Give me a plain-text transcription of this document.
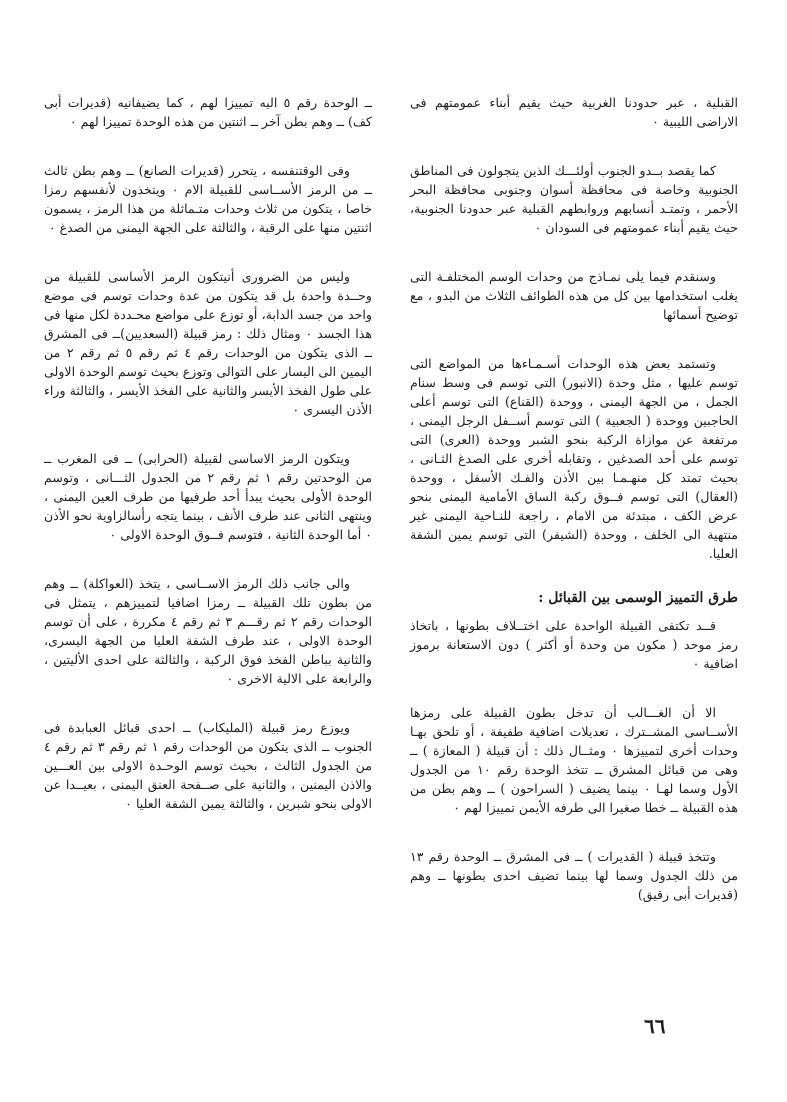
القبلية ، عبر حدودنا الغربية حيث يقيم أبناء عمومتهم فى الاراضى الليبية ٠

كما يقصد بــدو الجنوب أولئـــك الذين يتجولون فى المناطق الجنوبية وخاصة فى محافظة أسوان وجنوبى محافظة البحر الأحمر ، وتمتـد أنسابهم وروابطهم القبلية عبر حدودنا الجنوبية، حيث يقيم أبناء عمومتهم فى السودان ٠

وسنقدم فيما يلى نمـاذج من وحدات الوسم المختلفـة التى يغلب استخدامها بين كل من هذه الطوائف الثلاث من البدو ، مع توضيح أسمائها

وتستمد بعض هذه الوحدات أسـمـاءها من المواضع التى توسم عليها ، مثل وحدة (الانبور) التى توسم فى وسط سنام الجمل ، من الجهة اليمنى ، ووحدة (القناع) التى توسم أعلى الحاجبين ووحدة ( الجعبية ) التى توسم أســفل الرجل اليمنى ، مرتفعة عن موازاة الركبة بنحو الشبر ووحدة (العرى) التى توسم على أحد الصدغين ، وتقابله أخرى على الصدغ الثـانى ، بحيث تمتد كل منهـمـا بين الأذن والفـك الأسفل ، ووحدة (العقال) التى توسم فــوق ركبة الساق الأمامية اليمنى بنحو عرض الكف ، مبتدئة من الامام ، راجعة للنـاحية اليمنى غير منتهية الى الخلف ، ووحدة (الشيفر) التى توسم يمين الشفة العليا.

طرق التمييز الوسمى بين القبائل :

قــد تكتفى القبيلة الواحدة على اختــلاف بطونها ، باتخاذ رمز موحد ( مكون من وحدة أو أكثر ) دون الاستعانة برموز اضافية ٠

الا أن الغـــالب أن تدخل بطون القبيلة على رمزها الأســاسى المشــترك ، تعديلات اضافية طفيفة ، أو تلحق بهـا وحدات أخرى لتمييزها ٠ ومثــال ذلك : أن قبيلة ( المعازة ) ــ وهى من قبائل المشرق ــ تتخذ الوحدة رقم ١٠ من الجدول الأول وسما لهـا ٠ بينما يضيف ( السراحون ) ــ وهم بطن من هذه القبيلة ــ خطا صغيرا الى طرفه الأيمن تمييزا لهم ٠

وتتخذ قبيلة ( القديرات ) ــ فى المشرق ــ الوحدة رقم ١٣ من ذلك الجدول وسما لها بينما تضيف احدى بطونها ــ وهم (قديرات أبى رقيق)

ــ الوحدة رقم ٥ اليه تمييزا لهم ، كما يضيفانيه (قديرات أبى كف) ــ وهم بطن آخر ــ اثنتين من هذه الوحدة تمييزا لهم ٠

وفى الوقتنفسه ، يتحرر (قديرات الصانع) ــ وهم بطن ثالث ــ من الرمز الأســاسى للقبيلة الام ٠ ويتخذون لأنفسهم رمزا خاصا ، يتكون من ثلاث وحدات متـماثلة من هذا الرمز ، يسمون اثنتين منها على الرقبة ، والثالثة على الجهة اليمنى من الصدغ ٠

وليس من الضرورى أنيتكون الرمز الأساسى للقبيلة من وحــدة واحدة بل قد يتكون من عدة وحدات توسم فى موضع واحد من جسد الدابة، أو توزع على مواضع محـددة لكل منها فى هذا الجسد ٠ ومثال ذلك : رمز قبيلة (السعديين)ــ فى المشرق ــ الذى يتكون من الوحدات رقم ٤ ثم رقم ٥ ثم رقم ٢ من اليمين الى اليسار على التوالى وتوزع بحيث توسم الوحدة الاولى على طول الفخذ الأيسر والثانية على الفخذ الأيسر ، والثالثة وراء الأذن اليسرى ٠

ويتكون الرمز الاساسى لقبيلة (الحرابى) ــ فى المغرب ــ من الوحدتين رقم ١ ثم رقم ٢ من الجدول الثـــانى ، وتوسم الوحدة الأولى بحيث يبدأ أحد طرفيها من طرف العين اليمنى ، وينتهى الثانى عند طرف الأنف ، بينما يتجه رأسالزاوية نحو الأذن ٠ أما الوحدة الثانية ، فتوسم فــوق الوحدة الاولى ٠

والى جانب ذلك الرمز الاســاسى ، يتخذ (العواكلة) ــ وهم من بطون تلك القبيلة ــ رمزا اضافيا لتمييزهم ، يتمثل فى الوحدات رقم ٢ ثم رقـــم ٣ ثم رقم ٤ مكررة ، على أن توسم الوحدة الاولى ، عند طرف الشفة العليا من الجهة اليسرى، والثانية بباطن الفخذ فوق الركبة ، والثالثة على احدى الأليتين ، والرابعة على الالية الاخرى ٠

ويوزع رمز قبيلة (المليكاب) ــ احدى قبائل العبابدة فى الجنوب ــ الذى يتكون من الوحدات رقم ١ ثم رقم ٣ ثم رقم ٤ من الجدول الثالث ، بحيث توسم الوحـدة الاولى بين العـــين والاذن اليمنين ، والثانية على صــفحة العنق اليمنى ، بعيــدا عن الاولى بنحو شبرين ، والثالثة يمين الشفة العليا ٠

٦٦
